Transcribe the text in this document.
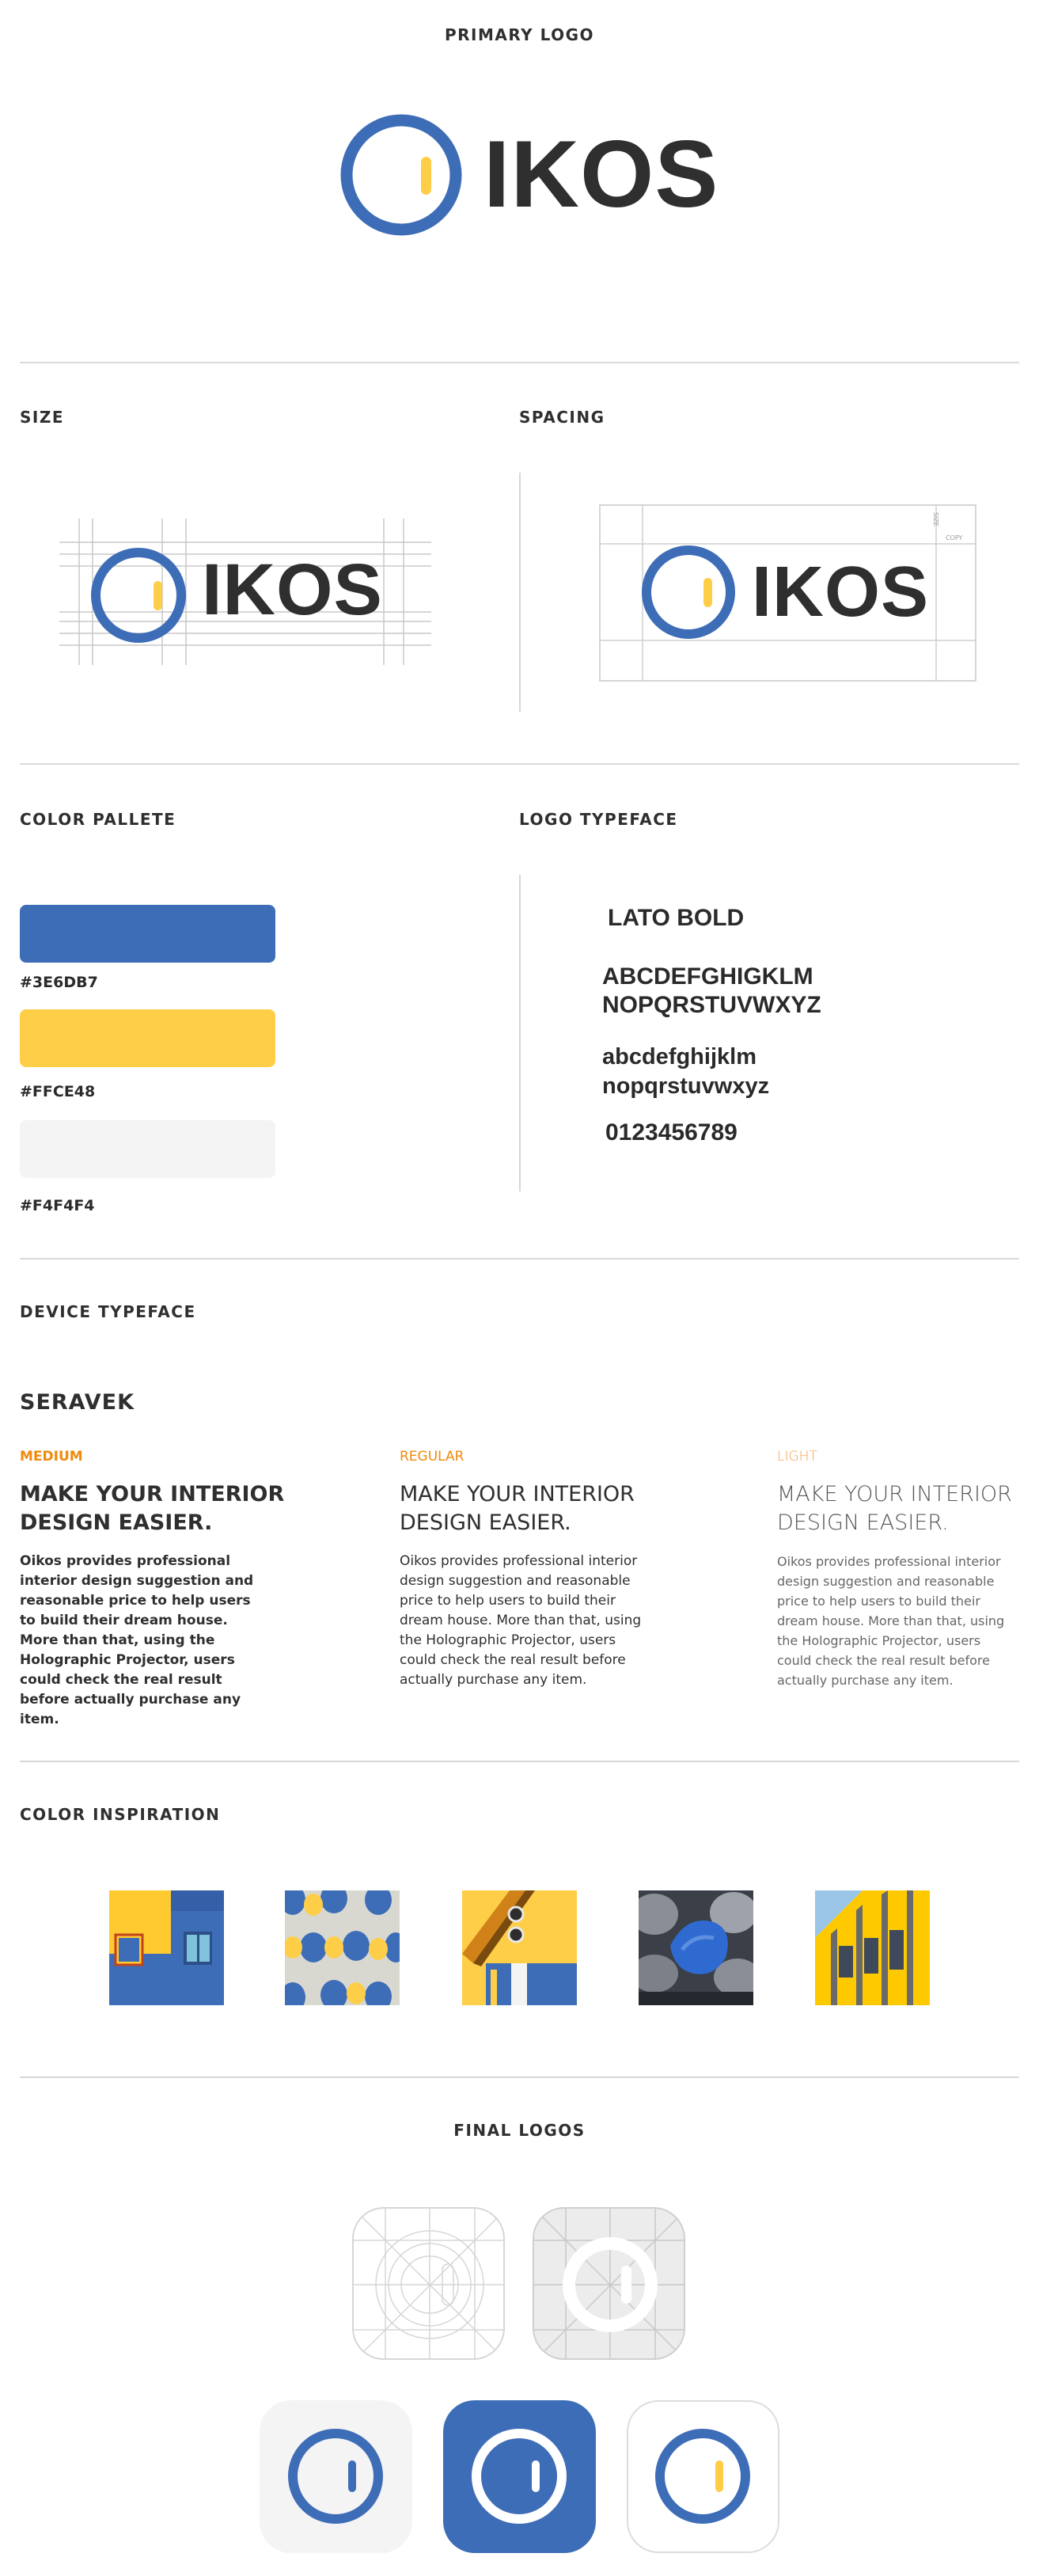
PRIMARY LOGO
IKOS
SIZE
IKOS
SPACING
SIZE
COPY
IKOS
COLOR PALLETE
#3E6DB7
#FFCE48
#F4F4F4
LOGO TYPEFACE
LATO BOLD
ABCDEFGHIGKLM
NOPQRSTUVWXYZ
abcdefghijklm
nopqrstuvwxyz
0123456789
DEVICE TYPEFACE
SERAVEK
MEDIUM
MAKE YOUR INTERIOR DESIGN EASIER.
Oikos provides professional interior design suggestion and reasonable price to help users to build their dream house. More than that, using the Holographic Projector, users could check the real result before actually purchase any item.
REGULAR
MAKE YOUR INTERIOR DESIGN EASIER.
Oikos provides professional interior design suggestion and reasonable price to help users to build their dream house. More than that, using the Holographic Projector, users could check the real result before actually purchase any item.
LIGHT
MAKE YOUR INTERIOR DESIGN EASIER.
Oikos provides professional interior design suggestion and reasonable price to help users to build their dream house. More than that, using the Holographic Projector, users could check the real result before actually purchase any item.
COLOR INSPIRATION
FINAL LOGOS
